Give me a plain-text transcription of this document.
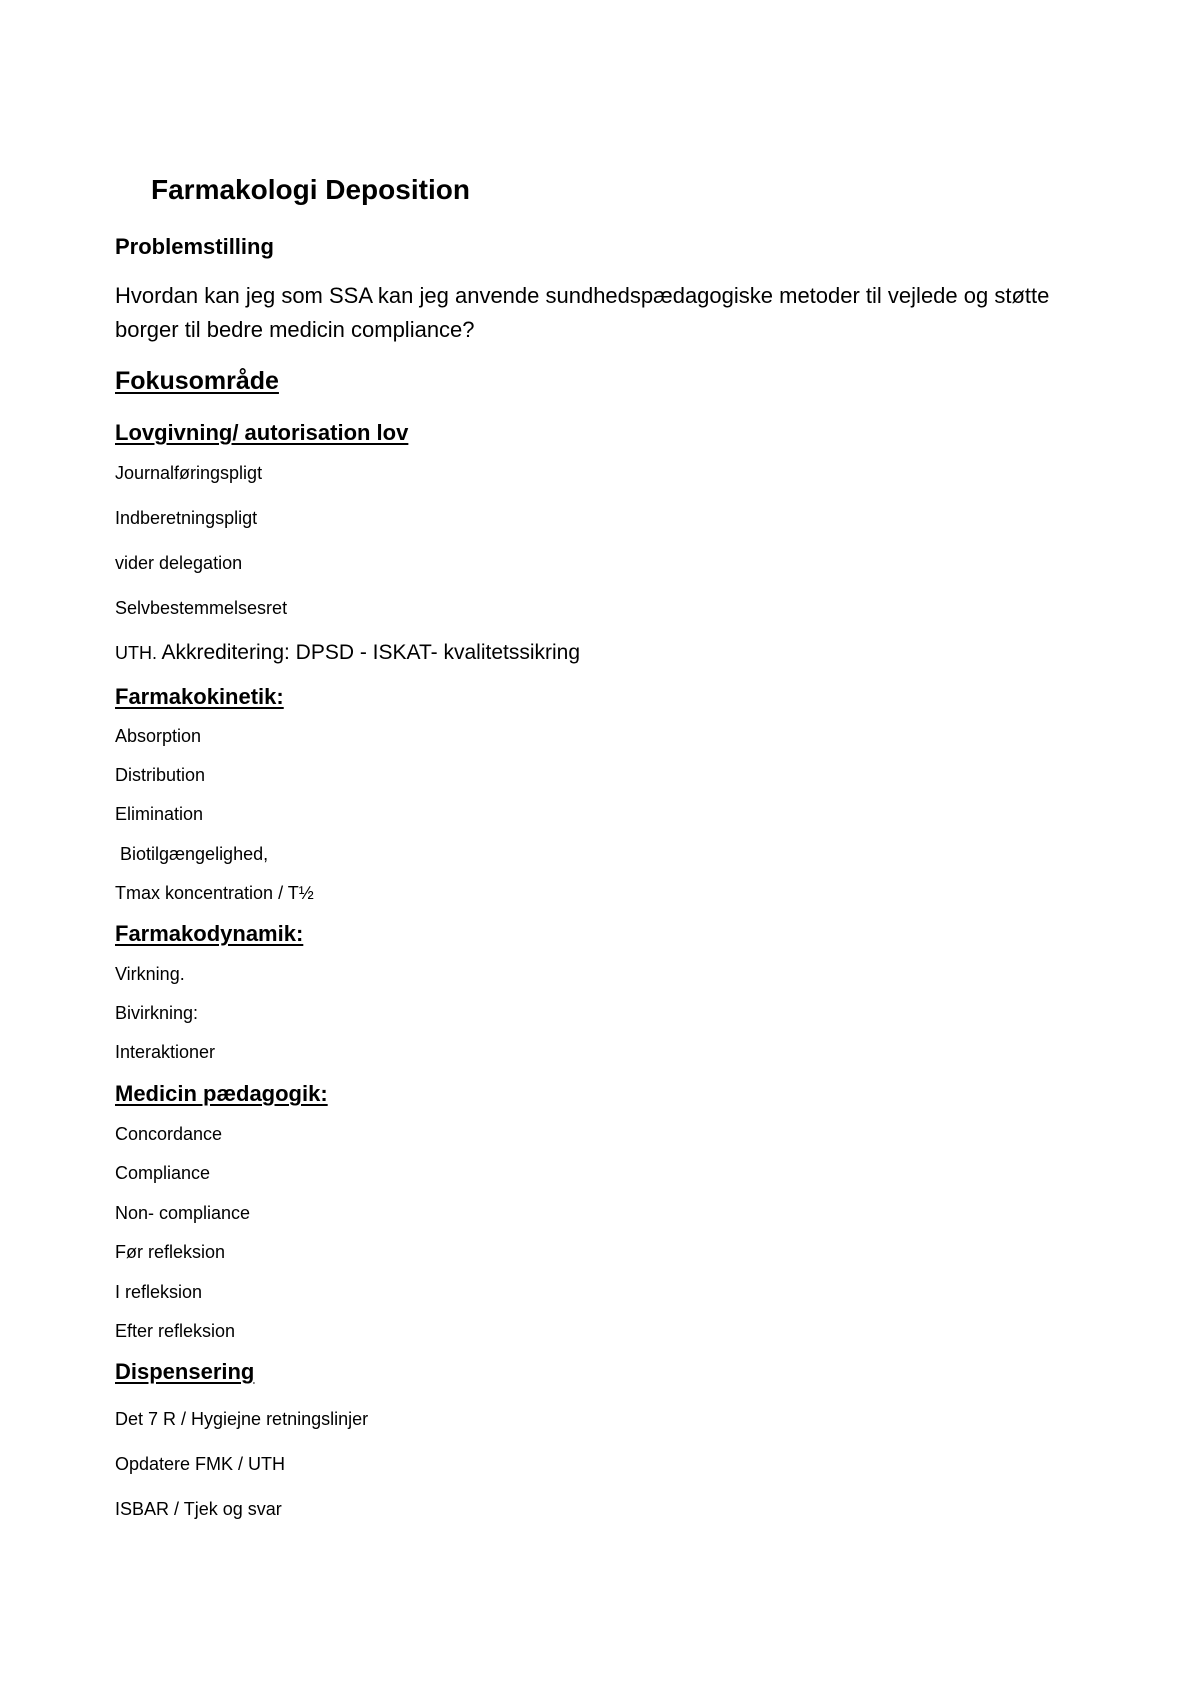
Farmakologi Deposition
Problemstilling
Hvordan kan jeg som SSA kan jeg anvende sundhedspædagogiske metoder til vejlede og støtte borger til bedre medicin compliance?
Fokusområde
Lovgivning/ autorisation lov
Journalføringspligt
Indberetningspligt
vider delegation
Selvbestemmelsesret
UTH. Akkreditering: DPSD - ISKAT- kvalitetssikring
Farmakokinetik:
Absorption
Distribution
Elimination
Biotilgængelighed,
Tmax koncentration / T½
Farmakodynamik:
Virkning.
Bivirkning:
Interaktioner
Medicin pædagogik:
Concordance
Compliance
Non- compliance
Før refleksion
I refleksion
Efter refleksion
Dispensering
Det 7 R / Hygiejne retningslinjer
Opdatere FMK / UTH
ISBAR / Tjek og svar
